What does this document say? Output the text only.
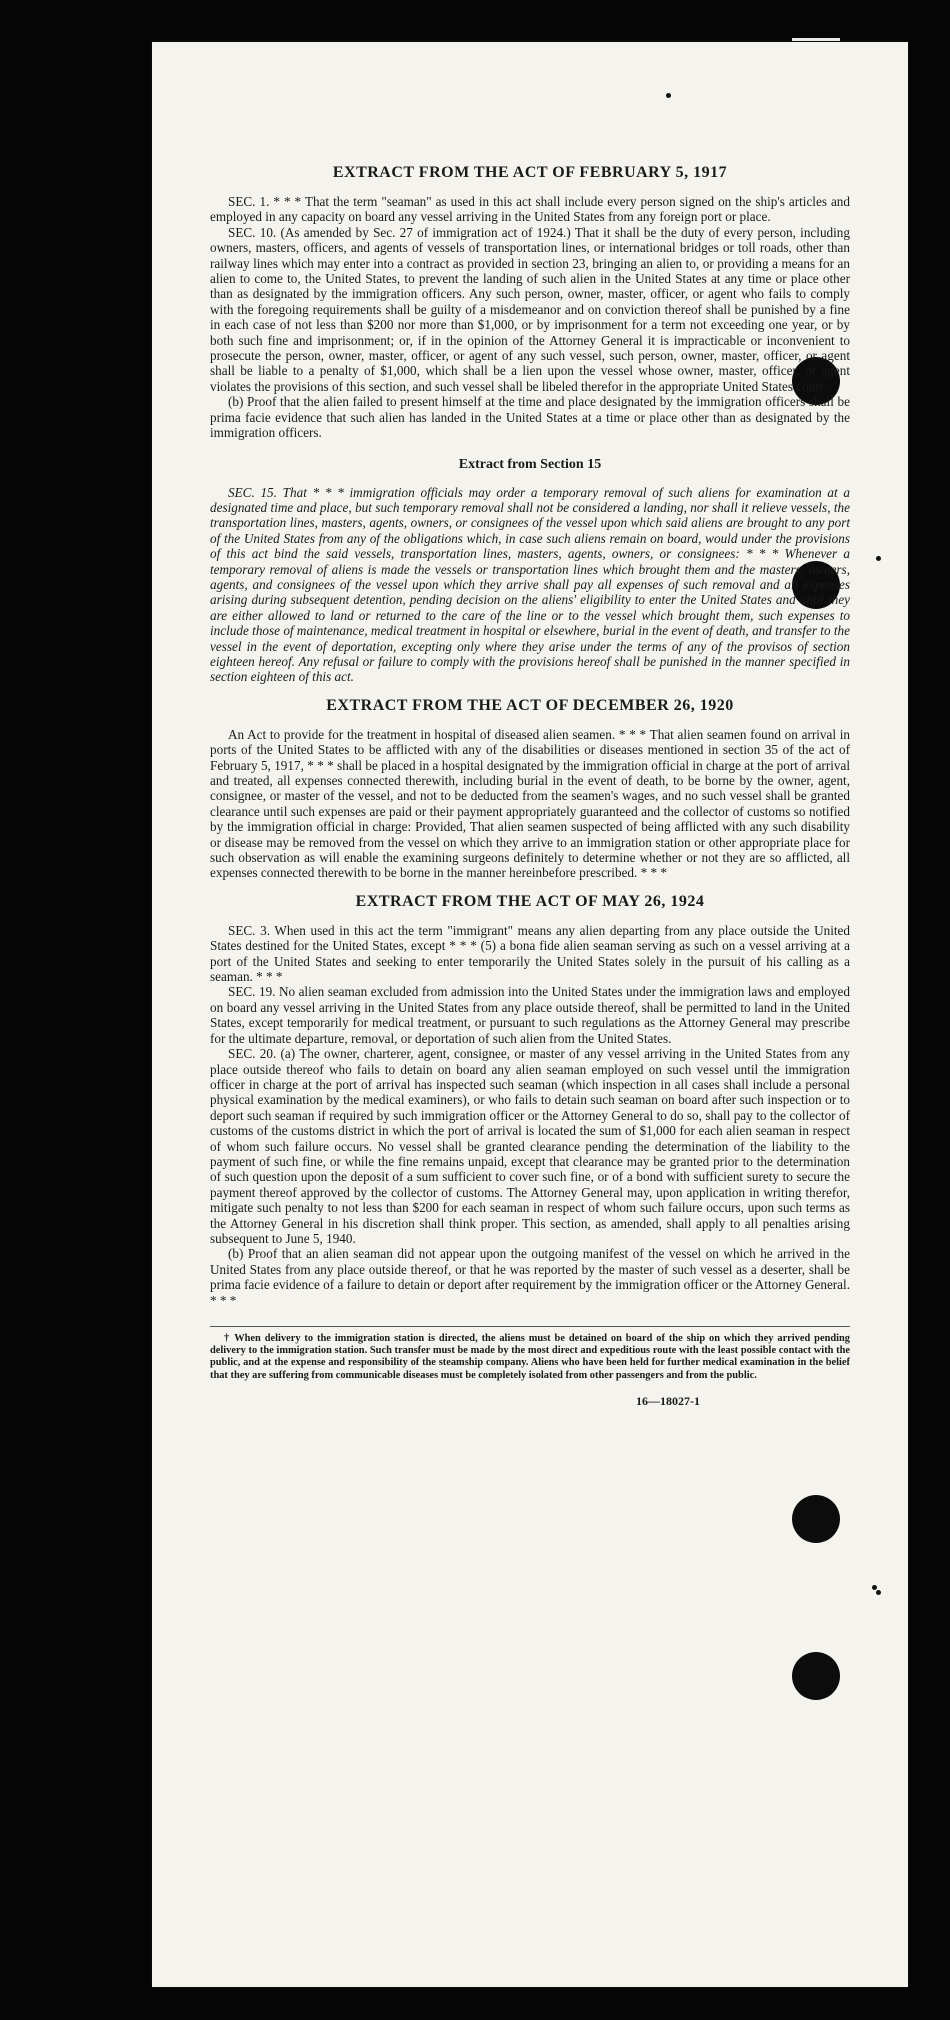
EXTRACT FROM THE ACT OF FEBRUARY 5, 1917

SEC. 1. * * * That the term "seaman" as used in this act shall include every person signed on the ship's articles and employed in any capacity on board any vessel arriving in the United States from any foreign port or place.

SEC. 10. (As amended by Sec. 27 of immigration act of 1924.) That it shall be the duty of every person, including owners, masters, officers, and agents of vessels of transportation lines, or international bridges or toll roads, other than railway lines which may enter into a contract as provided in section 23, bringing an alien to, or providing a means for an alien to come to, the United States, to prevent the landing of such alien in the United States at any time or place other than as designated by the immigration officers. Any such person, owner, master, officer, or agent who fails to comply with the foregoing requirements shall be guilty of a misdemeanor and on conviction thereof shall be punished by a fine in each case of not less than $200 nor more than $1,000, or by imprisonment for a term not exceeding one year, or by both such fine and imprisonment; or, if in the opinion of the Attorney General it is impracticable or inconvenient to prosecute the person, owner, master, officer, or agent of any such vessel, such person, owner, master, officer, or agent shall be liable to a penalty of $1,000, which shall be a lien upon the vessel whose owner, master, officer, or agent violates the provisions of this section, and such vessel shall be libeled therefor in the appropriate United States court.

(b) Proof that the alien failed to present himself at the time and place designated by the immigration officers shall be prima facie evidence that such alien has landed in the United States at a time or place other than as designated by the immigration officers.

Extract from Section 15

SEC. 15. That * * * immigration officials may order a temporary removal of such aliens for examination at a designated time and place, but such temporary removal shall not be considered a landing, nor shall it relieve vessels, the transportation lines, masters, agents, owners, or consignees of the vessel upon which said aliens are brought to any port of the United States from any of the obligations which, in case such aliens remain on board, would under the provisions of this act bind the said vessels, transportation lines, masters, agents, owners, or consignees: * * * Whenever a temporary removal of aliens is made the vessels or transportation lines which brought them and the masters, owners, agents, and consignees of the vessel upon which they arrive shall pay all expenses of such removal and all expenses arising during subsequent detention, pending decision on the aliens' eligibility to enter the United States and until they are either allowed to land or returned to the care of the line or to the vessel which brought them, such expenses to include those of maintenance, medical treatment in hospital or elsewhere, burial in the event of death, and transfer to the vessel in the event of deportation, excepting only where they arise under the terms of any of the provisos of section eighteen hereof. Any refusal or failure to comply with the provisions hereof shall be punished in the manner specified in section eighteen of this act.

EXTRACT FROM THE ACT OF DECEMBER 26, 1920

An Act to provide for the treatment in hospital of diseased alien seamen. * * * That alien seamen found on arrival in ports of the United States to be afflicted with any of the disabilities or diseases mentioned in section 35 of the act of February 5, 1917, * * * shall be placed in a hospital designated by the immigration official in charge at the port of arrival and treated, all expenses connected therewith, including burial in the event of death, to be borne by the owner, agent, consignee, or master of the vessel, and not to be deducted from the seamen's wages, and no such vessel shall be granted clearance until such expenses are paid or their payment appropriately guaranteed and the collector of customs so notified by the immigration official in charge: Provided, That alien seamen suspected of being afflicted with any such disability or disease may be removed from the vessel on which they arrive to an immigration station or other appropriate place for such observation as will enable the examining surgeons definitely to determine whether or not they are so afflicted, all expenses connected therewith to be borne in the manner hereinbefore prescribed. * * *

EXTRACT FROM THE ACT OF MAY 26, 1924

SEC. 3. When used in this act the term "immigrant" means any alien departing from any place outside the United States destined for the United States, except * * * (5) a bona fide alien seaman serving as such on a vessel arriving at a port of the United States and seeking to enter temporarily the United States solely in the pursuit of his calling as a seaman. * * *

SEC. 19. No alien seaman excluded from admission into the United States under the immigration laws and employed on board any vessel arriving in the United States from any place outside thereof, shall be permitted to land in the United States, except temporarily for medical treatment, or pursuant to such regulations as the Attorney General may prescribe for the ultimate departure, removal, or deportation of such alien from the United States.

SEC. 20. (a) The owner, charterer, agent, consignee, or master of any vessel arriving in the United States from any place outside thereof who fails to detain on board any alien seaman employed on such vessel until the immigration officer in charge at the port of arrival has inspected such seaman (which inspection in all cases shall include a personal physical examination by the medical examiners), or who fails to detain such seaman on board after such inspection or to deport such seaman if required by such immigration officer or the Attorney General to do so, shall pay to the collector of customs of the customs district in which the port of arrival is located the sum of $1,000 for each alien seaman in respect of whom such failure occurs. No vessel shall be granted clearance pending the determination of the liability to the payment of such fine, or while the fine remains unpaid, except that clearance may be granted prior to the determination of such question upon the deposit of a sum sufficient to cover such fine, or of a bond with sufficient surety to secure the payment thereof approved by the collector of customs. The Attorney General may, upon application in writing therefor, mitigate such penalty to not less than $200 for each seaman in respect of whom such failure occurs, upon such terms as the Attorney General in his discretion shall think proper. This section, as amended, shall apply to all penalties arising subsequent to June 5, 1940.

(b) Proof that an alien seaman did not appear upon the outgoing manifest of the vessel on which he arrived in the United States from any place outside thereof, or that he was reported by the master of such vessel as a deserter, shall be prima facie evidence of a failure to detain or deport after requirement by the immigration officer or the Attorney General. * * *

† When delivery to the immigration station is directed, the aliens must be detained on board of the ship on which they arrived pending delivery to the immigration station. Such transfer must be made by the most direct and expeditious route with the least possible contact with the public, and at the expense and responsibility of the steamship company. Aliens who have been held for further medical examination in the belief that they are suffering from communicable diseases must be completely isolated from other passengers and from the public.

16—18027-1
